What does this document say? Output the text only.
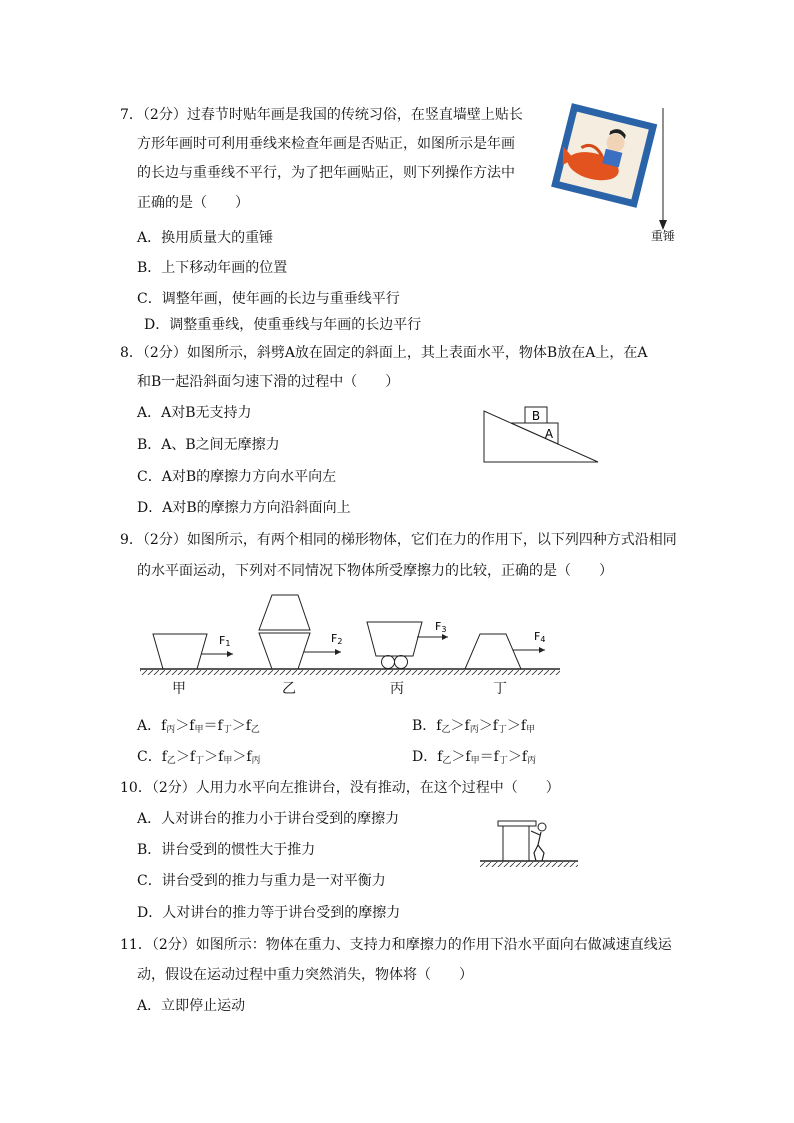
7．（2分）过春节时贴年画是我国的传统习俗，在竖直墙壁上贴长
方形年画时可利用垂线来检查年画是否贴正，如图所示是年画
的长边与重垂线不平行，为了把年画贴正，则下列操作方法中
正确的是（　　）
A．换用质量大的重锤
B．上下移动年画的位置
C．调整年画，使年画的长边与重垂线平行
D．调整重垂线，使重垂线与年画的长边平行
重锤
8．（2分）如图所示，斜劈A放在固定的斜面上，其上表面水平，物体B放在A上，在A
和B一起沿斜面匀速下滑的过程中（　　）
A．A对B无支持力
B．A、B之间无摩擦力
C．A对B的摩擦力方向水平向左
D．A对B的摩擦力方向沿斜面向上
B
A
9．（2分）如图所示，有两个相同的梯形物体，它们在力的作用下，以下列四种方式沿相同
的水平面运动，下列对不同情况下物体所受摩擦力的比较，正确的是（　　）
F1	F2
F3
F4
甲	乙	丙	丁
A．$f_丙>f_甲=f_丁>f_乙$	B．$f_乙>f_丙>f_丁>f_甲$
C．$f_乙>f_丁>f_甲>f_丙$	D．$f_乙>f_甲=f_丁>f_丙$
10．（2分）人用力水平向左推讲台，没有推动，在这个过程中（　　）
A．人对讲台的推力小于讲台受到的摩擦力
B．讲台受到的惯性大于推力
C．讲台受到的推力与重力是一对平衡力
D．人对讲台的推力等于讲台受到的摩擦力
11．（2分）如图所示：物体在重力、支持力和摩擦力的作用下沿水平面向右做减速直线运
动，假设在运动过程中重力突然消失，物体将（　　）
A．立即停止运动
